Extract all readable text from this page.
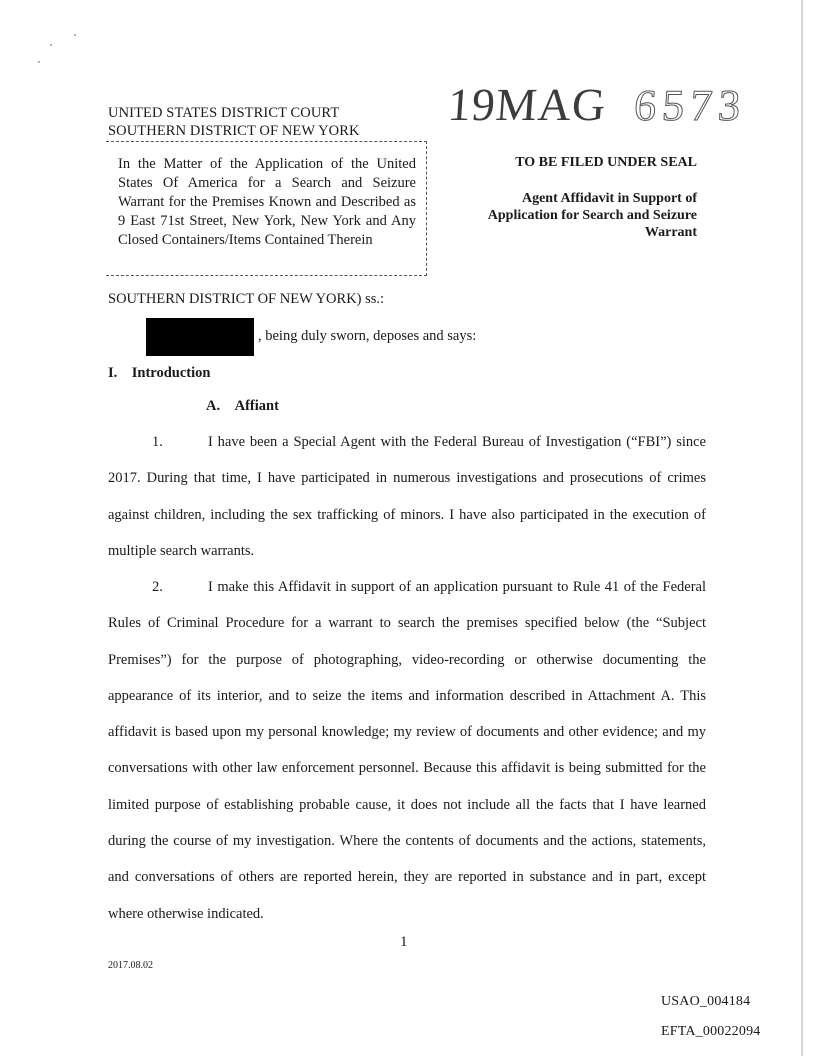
UNITED STATES DISTRICT COURT
SOUTHERN DISTRICT OF NEW YORK
19MAG 6573
In the Matter of the Application of the United States Of America for a Search and Seizure Warrant for the Premises Known and Described as 9 East 71st Street, New York, New York and Any Closed Containers/Items Contained Therein
TO BE FILED UNDER SEAL
Agent Affidavit in Support of
Application for Search and Seizure
Warrant
SOUTHERN DISTRICT OF NEW YORK) ss.:
, being duly sworn, deposes and says:
I. Introduction
A. Affiant
1.	I have been a Special Agent with the Federal Bureau of Investigation (“FBI”) since 2017. During that time, I have participated in numerous investigations and prosecutions of crimes against children, including the sex trafficking of minors. I have also participated in the execution of multiple search warrants.
2.	I make this Affidavit in support of an application pursuant to Rule 41 of the Federal Rules of Criminal Procedure for a warrant to search the premises specified below (the “Subject Premises”) for the purpose of photographing, video-recording or otherwise documenting the appearance of its interior, and to seize the items and information described in Attachment A. This affidavit is based upon my personal knowledge; my review of documents and other evidence; and my conversations with other law enforcement personnel. Because this affidavit is being submitted for the limited purpose of establishing probable cause, it does not include all the facts that I have learned during the course of my investigation. Where the contents of documents and the actions, statements, and conversations of others are reported herein, they are reported in substance and in part, except where otherwise indicated.
1
2017.08.02
USAO_004184
EFTA_00022094
